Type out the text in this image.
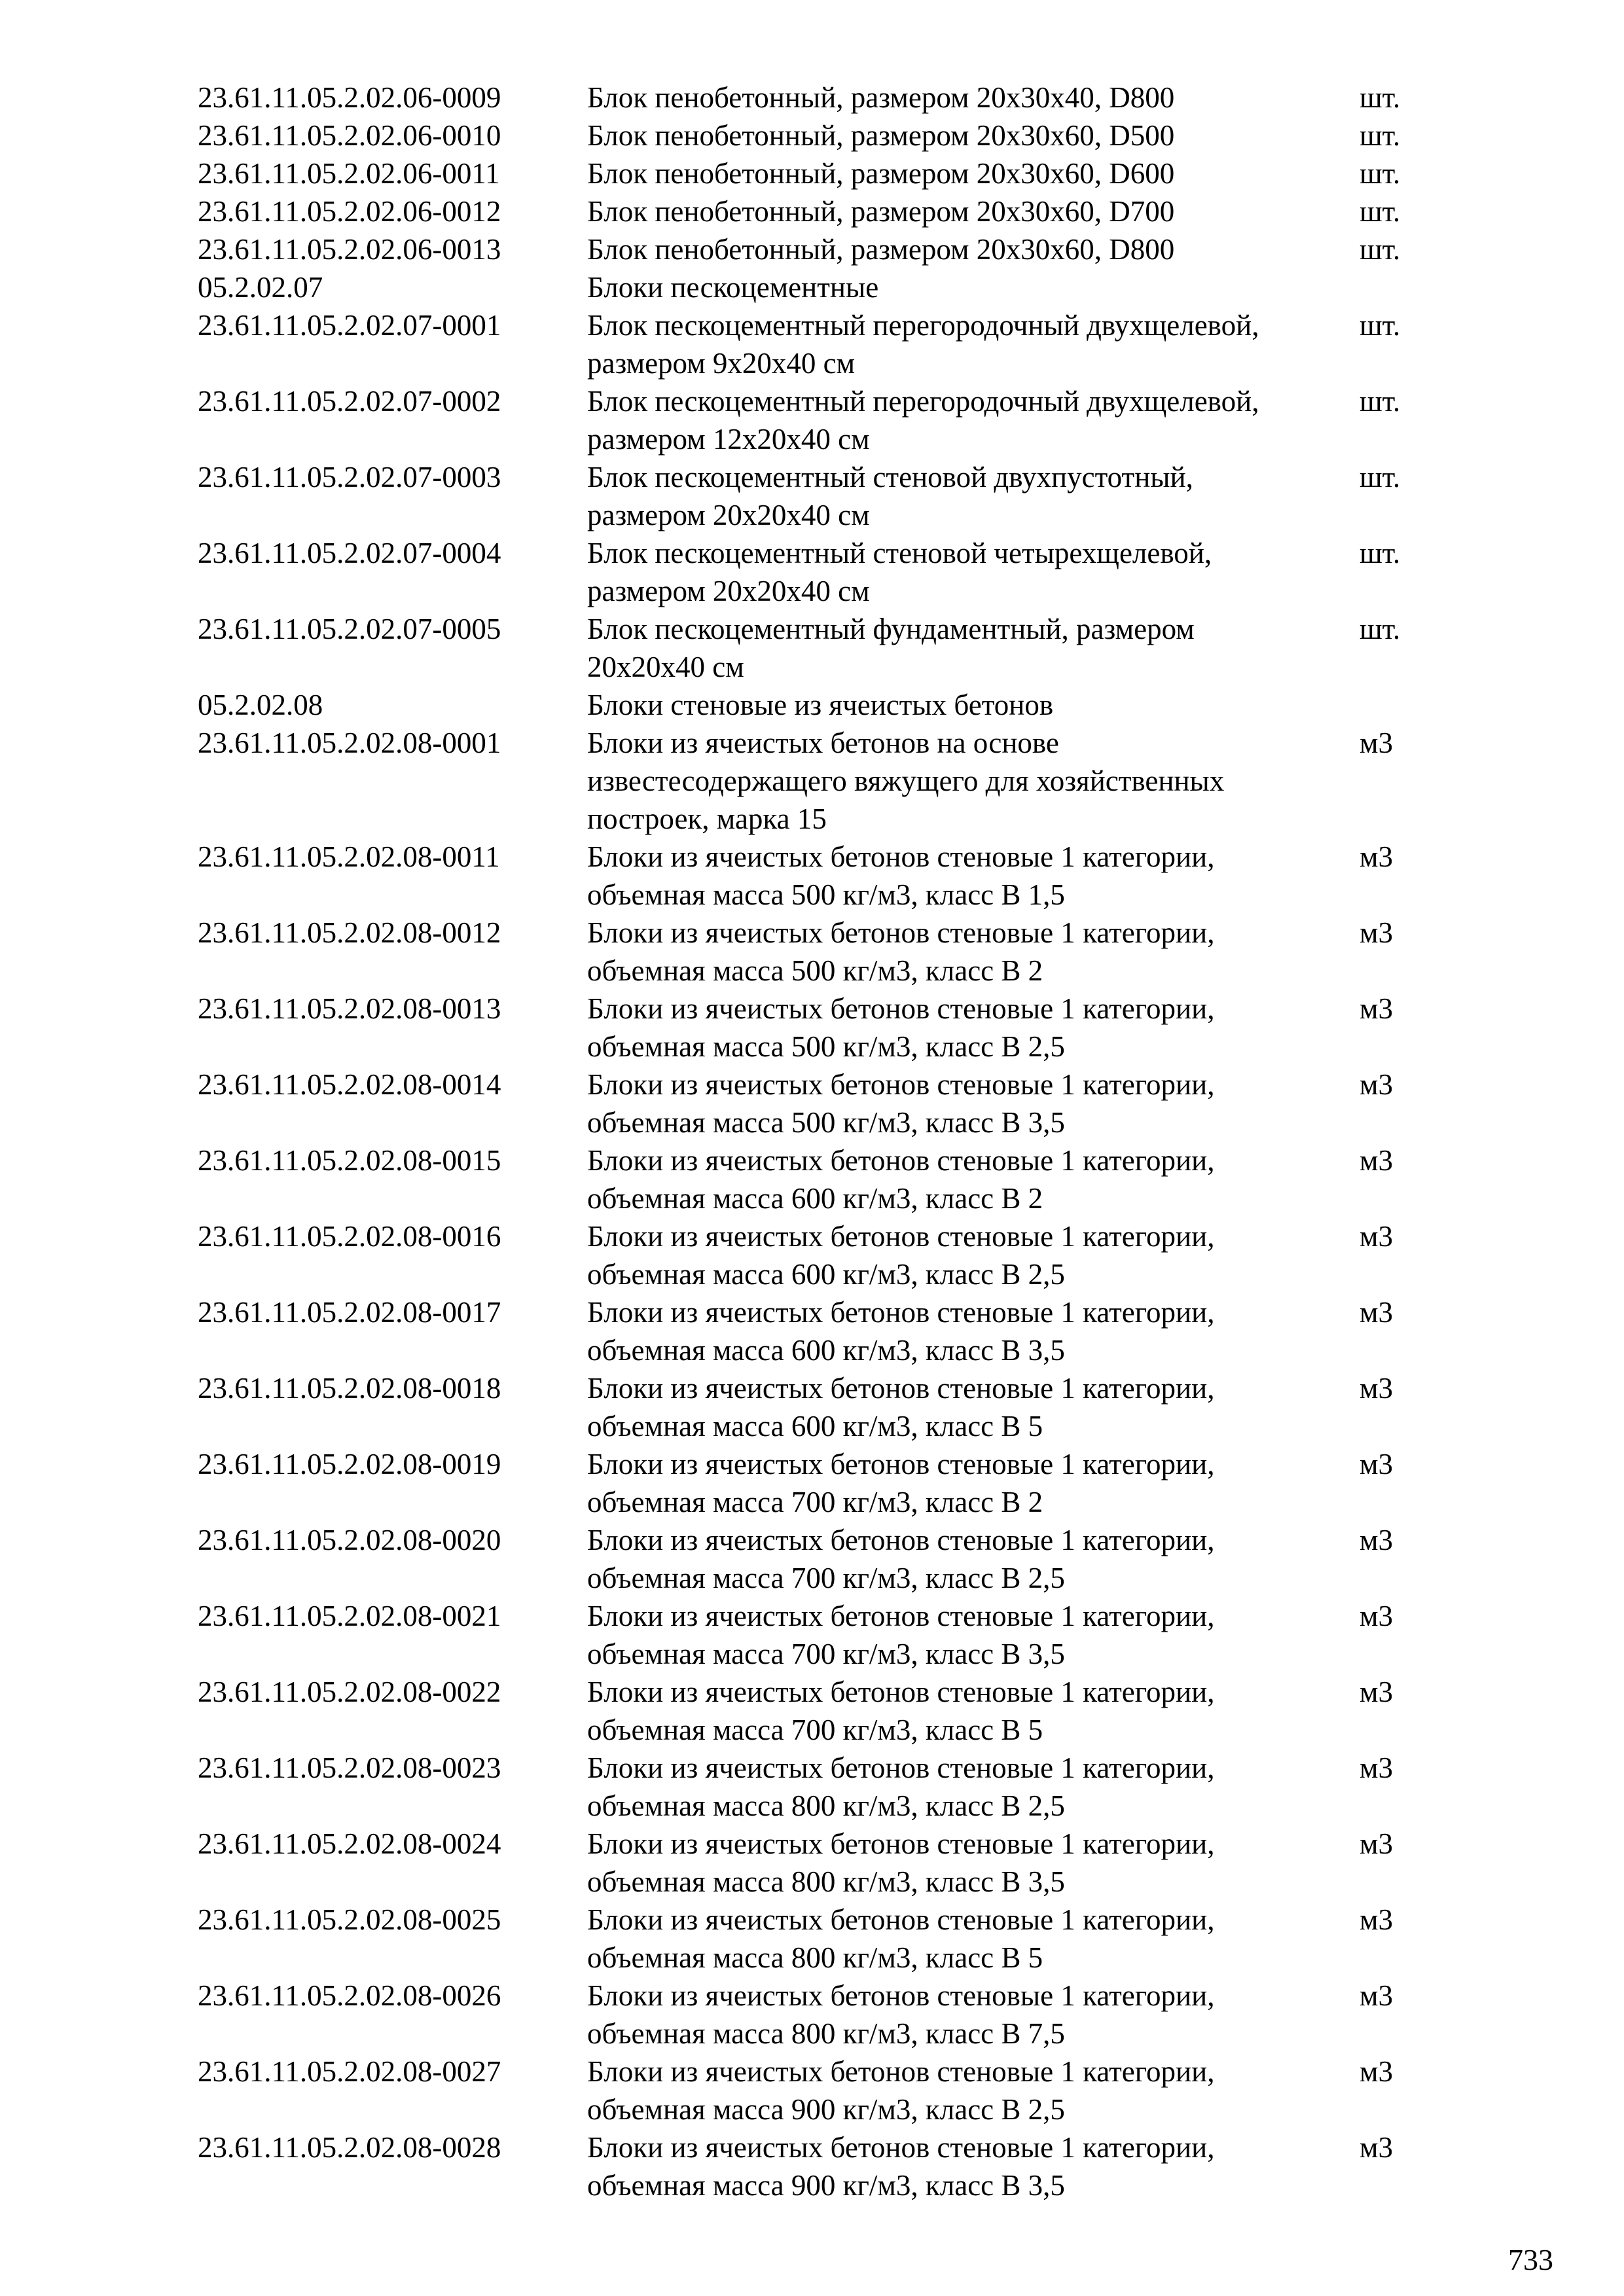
23.61.11.05.2.02.06-0009	Блок пенобетонный, размером 20х30х40, D800	шт.
23.61.11.05.2.02.06-0010	Блок пенобетонный, размером 20х30х60, D500	шт.
23.61.11.05.2.02.06-0011	Блок пенобетонный, размером 20х30х60, D600	шт.
23.61.11.05.2.02.06-0012	Блок пенобетонный, размером 20х30х60, D700	шт.
23.61.11.05.2.02.06-0013	Блок пенобетонный, размером 20х30х60, D800	шт.
05.2.02.07	Блоки пескоцементные	

23.61.11.05.2.02.07-0001	Блок пескоцементный перегородочный двухщелевой,
размером 9х20х40 см	шт.
23.61.11.05.2.02.07-0002	Блок пескоцементный перегородочный двухщелевой,
размером 12х20х40 см	шт.
23.61.11.05.2.02.07-0003	Блок пескоцементный стеновой двухпустотный,
размером 20х20х40 см	шт.
23.61.11.05.2.02.07-0004	Блок пескоцементный стеновой четырехщелевой,
размером 20х20х40 см	шт.
23.61.11.05.2.02.07-0005	Блок пескоцементный фундаментный, размером
20х20х40 см	шт.
05.2.02.08	Блоки стеновые из ячеистых бетонов	

23.61.11.05.2.02.08-0001	Блоки из ячеистых бетонов на основе
известесодержащего вяжущего для хозяйственных
построек, марка 15	м3
23.61.11.05.2.02.08-0011	Блоки из ячеистых бетонов стеновые 1 категории,
объемная масса 500 кг/м3, класс В 1,5	м3
23.61.11.05.2.02.08-0012	Блоки из ячеистых бетонов стеновые 1 категории,
объемная масса 500 кг/м3, класс В 2	м3
23.61.11.05.2.02.08-0013	Блоки из ячеистых бетонов стеновые 1 категории,
объемная масса 500 кг/м3, класс В 2,5	м3
23.61.11.05.2.02.08-0014	Блоки из ячеистых бетонов стеновые 1 категории,
объемная масса 500 кг/м3, класс В 3,5	м3
23.61.11.05.2.02.08-0015	Блоки из ячеистых бетонов стеновые 1 категории,
объемная масса 600 кг/м3, класс В 2	м3
23.61.11.05.2.02.08-0016	Блоки из ячеистых бетонов стеновые 1 категории,
объемная масса 600 кг/м3, класс В 2,5	м3
23.61.11.05.2.02.08-0017	Блоки из ячеистых бетонов стеновые 1 категории,
объемная масса 600 кг/м3, класс В 3,5	м3
23.61.11.05.2.02.08-0018	Блоки из ячеистых бетонов стеновые 1 категории,
объемная масса 600 кг/м3, класс В 5	м3
23.61.11.05.2.02.08-0019	Блоки из ячеистых бетонов стеновые 1 категории,
объемная масса 700 кг/м3, класс В 2	м3
23.61.11.05.2.02.08-0020	Блоки из ячеистых бетонов стеновые 1 категории,
объемная масса 700 кг/м3, класс В 2,5	м3
23.61.11.05.2.02.08-0021	Блоки из ячеистых бетонов стеновые 1 категории,
объемная масса 700 кг/м3, класс В 3,5	м3
23.61.11.05.2.02.08-0022	Блоки из ячеистых бетонов стеновые 1 категории,
объемная масса 700 кг/м3, класс В 5	м3
23.61.11.05.2.02.08-0023	Блоки из ячеистых бетонов стеновые 1 категории,
объемная масса 800 кг/м3, класс В 2,5	м3
23.61.11.05.2.02.08-0024	Блоки из ячеистых бетонов стеновые 1 категории,
объемная масса 800 кг/м3, класс В 3,5	м3
23.61.11.05.2.02.08-0025	Блоки из ячеистых бетонов стеновые 1 категории,
объемная масса 800 кг/м3, класс В 5	м3
23.61.11.05.2.02.08-0026	Блоки из ячеистых бетонов стеновые 1 категории,
объемная масса 800 кг/м3, класс В 7,5	м3
23.61.11.05.2.02.08-0027	Блоки из ячеистых бетонов стеновые 1 категории,
объемная масса 900 кг/м3, класс В 2,5	м3
23.61.11.05.2.02.08-0028	Блоки из ячеистых бетонов стеновые 1 категории,
объемная масса 900 кг/м3, класс В 3,5	м3
733
